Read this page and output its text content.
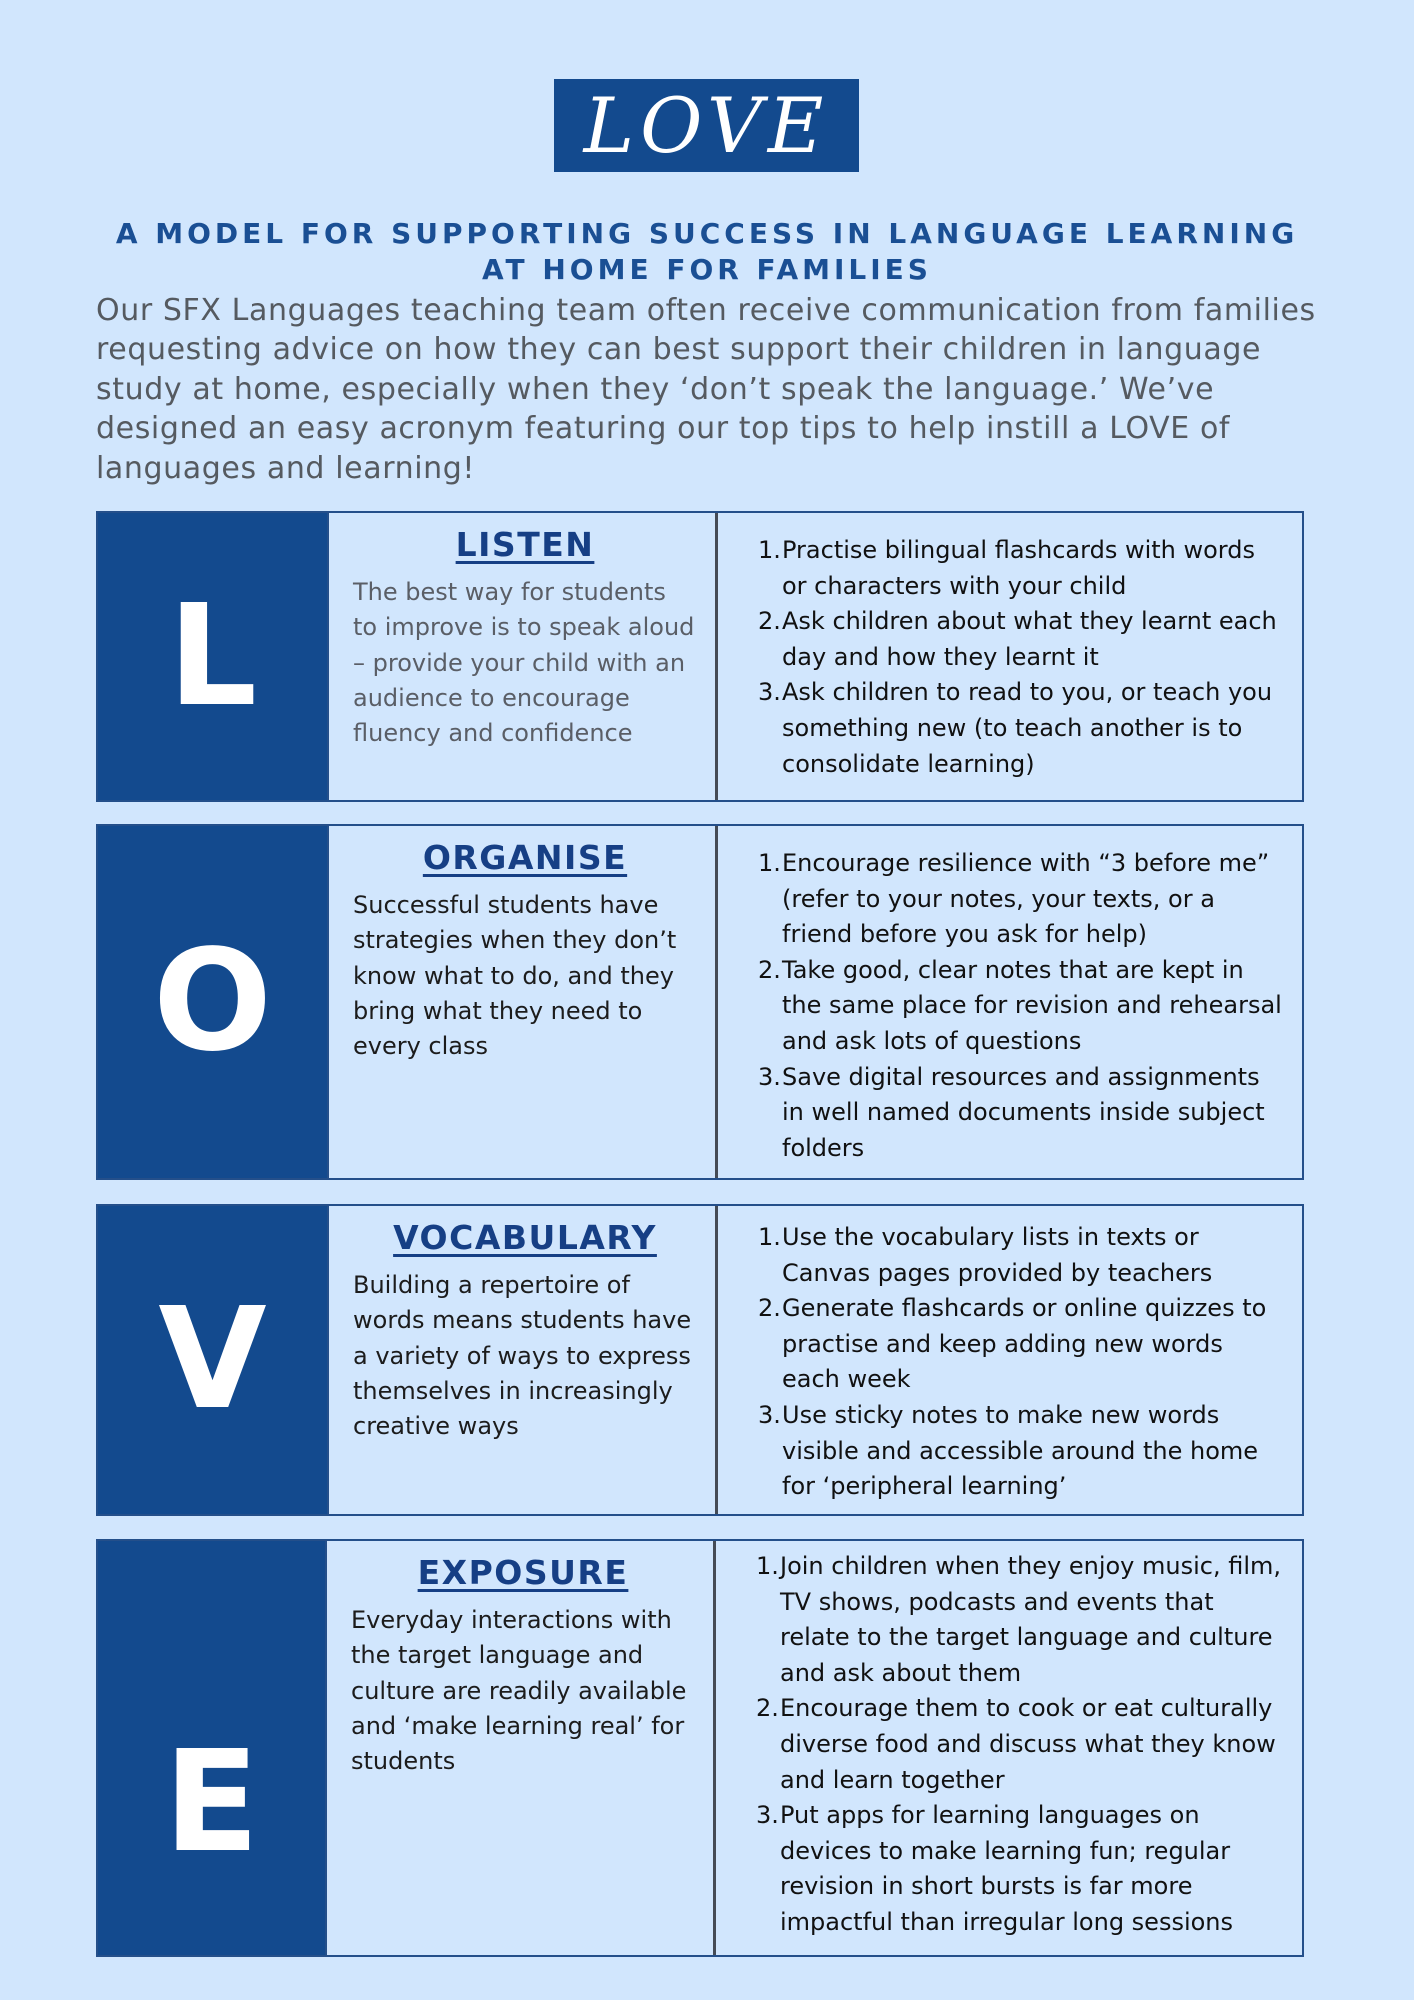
LOVE
A MODEL FOR SUPPORTING SUCCESS IN LANGUAGE LEARNING AT HOME FOR FAMILIES
Our SFX Languages teaching team often receive communication from families requesting advice on how they can best support their children in language study at home, especially when they ‘don’t speak the language.’ We’ve designed an easy acronym featuring our top tips to help instill a LOVE of languages and learning!
L
LISTEN
The best way for students to improve is to speak aloud – provide your child with an audience to encourage fluency and confidence
1. Practise bilingual flashcards with words or characters with your child
2. Ask children about what they learnt each day and how they learnt it
3. Ask children to read to you, or teach you something new (to teach another is to consolidate learning)
O
ORGANISE
Successful students have strategies when they don’t know what to do, and they bring what they need to every class
1. Encourage resilience with “3 before me” (refer to your notes, your texts, or a friend before you ask for help)
2. Take good, clear notes that are kept in the same place for revision and rehearsal and ask lots of questions
3. Save digital resources and assignments in well named documents inside subject folders
V
VOCABULARY
Building a repertoire of words means students have a variety of ways to express themselves in increasingly creative ways
1. Use the vocabulary lists in texts or Canvas pages provided by teachers
2. Generate flashcards or online quizzes to practise and keep adding new words each week
3. Use sticky notes to make new words visible and accessible around the home for ‘peripheral learning’
E
EXPOSURE
Everyday interactions with the target language and culture are readily available and ‘make learning real’ for students
1. Join children when they enjoy music, film, TV shows, podcasts and events that relate to the target language and culture and ask about them
2. Encourage them to cook or eat culturally diverse food and discuss what they know and learn together
3. Put apps for learning languages on devices to make learning fun; regular revision in short bursts is far more impactful than irregular long sessions
